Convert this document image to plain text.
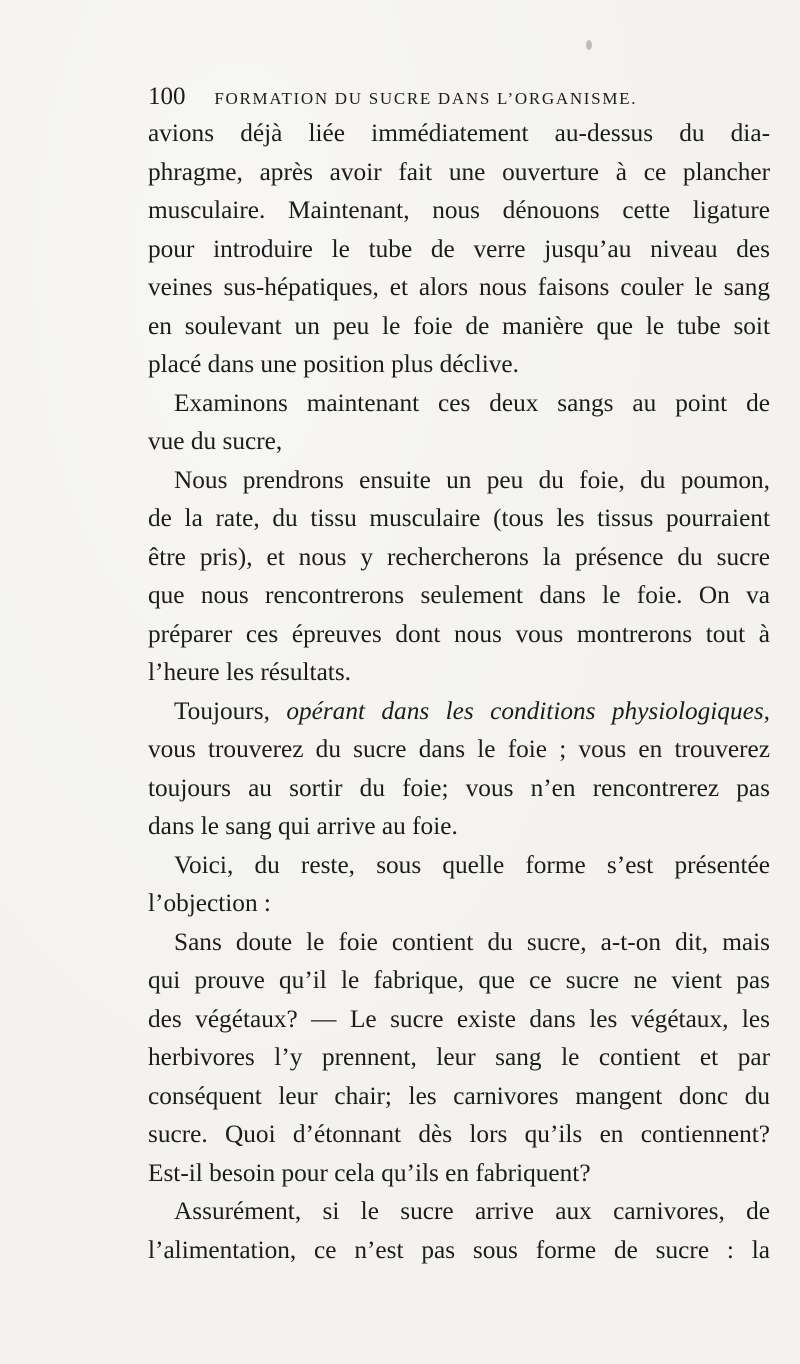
100 FORMATION DU SUCRE DANS L’ORGANISME.
avions déjà liée immédiatement au-dessus du dia-
phragme, après avoir fait une ouverture à ce plancher
musculaire. Maintenant, nous dénouons cette ligature
pour introduire le tube de verre jusqu’au niveau des
veines sus-hépatiques, et alors nous faisons couler le sang
en soulevant un peu le foie de manière que le tube soit
placé dans une position plus déclive.
Examinons maintenant ces deux sangs au point de
vue du sucre,
Nous prendrons ensuite un peu du foie, du poumon,
de la rate, du tissu musculaire (tous les tissus pourraient
être pris), et nous y rechercherons la présence du sucre
que nous rencontrerons seulement dans le foie. On va
préparer ces épreuves dont nous vous montrerons tout à
l’heure les résultats.
Toujours, opérant dans les conditions physiologiques,
vous trouverez du sucre dans le foie ; vous en trouverez
toujours au sortir du foie; vous n’en rencontrerez pas
dans le sang qui arrive au foie.
Voici, du reste, sous quelle forme s’est présentée
l’objection :
Sans doute le foie contient du sucre, a-t-on dit, mais
qui prouve qu’il le fabrique, que ce sucre ne vient pas
des végétaux? — Le sucre existe dans les végétaux, les
herbivores l’y prennent, leur sang le contient et par
conséquent leur chair; les carnivores mangent donc du
sucre. Quoi d’étonnant dès lors qu’ils en contiennent?
Est-il besoin pour cela qu’ils en fabriquent?
Assurément, si le sucre arrive aux carnivores, de
l’alimentation, ce n’est pas sous forme de sucre : la
